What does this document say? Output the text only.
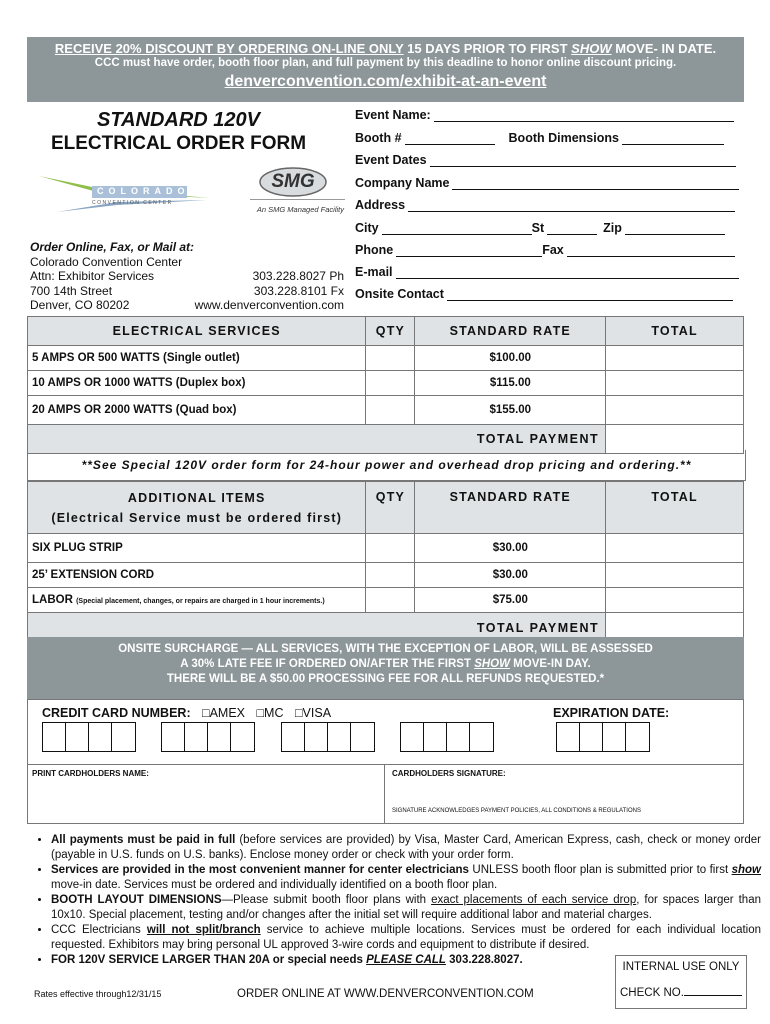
RECEIVE 20% DISCOUNT BY ORDERING ON-LINE ONLY 15 DAYS PRIOR TO FIRST SHOW MOVE- IN DATE.
CCC must have order, booth floor plan, and full payment by this deadline to honor online discount pricing.
denverconvention.com/exhibit-at-an-event
STANDARD 120V
ELECTRICAL ORDER FORM
COLORADO
CONVENTION CENTER
SMG
An SMG Managed Facility
Order Online, Fax, or Mail at:
Colorado Convention Center
Attn: Exhibitor Services	303.228.8027 Ph
700 14th Street	303.228.8101 Fx
Denver, CO 80202	www.denverconvention.com
Event Name:
Booth #	Booth Dimensions
Event Dates
Company Name
Address
City	St	Zip
Phone	Fax
E-mail
Onsite Contact
ELECTRICAL SERVICES	QTY	STANDARD RATE	TOTAL
5 AMPS OR 500 WATTS (Single outlet)		$100.00	
10 AMPS OR 1000 WATTS (Duplex box)		$115.00	
20 AMPS OR 2000 WATTS (Quad box)		$155.00	
TOTAL PAYMENT			
**See Special 120V order form for 24-hour power and overhead drop pricing and ordering.**
ADDITIONAL ITEMS
(Electrical Service must be ordered first)	QTY	STANDARD RATE	TOTAL
SIX PLUG STRIP		$30.00	
25’ EXTENSION CORD		$30.00	
LABOR (Special placement, changes, or repairs are charged in 1 hour increments.)		$75.00	
TOTAL PAYMENT			
ONSITE SURCHARGE — ALL SERVICES, WITH THE EXCEPTION OF LABOR, WILL BE ASSESSED
A 30% LATE FEE IF ORDERED ON/AFTER THE FIRST SHOW MOVE-IN DAY.
THERE WILL BE A $50.00 PROCESSING FEE FOR ALL REFUNDS REQUESTED.*
CREDIT CARD NUMBER: □AMEX □MC □VISA	EXPIRATION DATE:
PRINT CARDHOLDERS NAME:	CARDHOLDERS SIGNATURE:
SIGNATURE ACKNOWLEDGES PAYMENT POLICIES, ALL CONDITIONS & REGULATIONS
• All payments must be paid in full (before services are provided) by Visa, Master Card, American Express, cash, check or money order (payable in U.S. funds on U.S. banks). Enclose money order or check with your order form.
• Services are provided in the most convenient manner for center electricians UNLESS booth floor plan is submitted prior to first show move-in date. Services must be ordered and individually identified on a booth floor plan.
• BOOTH LAYOUT DIMENSIONS—Please submit booth floor plans with exact placements of each service drop, for spaces larger than 10x10. Special placement, testing and/or changes after the initial set will require additional labor and material charges.
• CCC Electricians will not split/branch service to achieve multiple locations. Services must be ordered for each individual location requested. Exhibitors may bring personal UL approved 3-wire cords and equipment to distribute if desired.
• FOR 120V SERVICE LARGER THAN 20A or special needs PLEASE CALL 303.228.8027.
Rates effective through12/31/15	ORDER ONLINE AT WWW.DENVERCONVENTION.COM
INTERNAL USE ONLY
CHECK NO.
